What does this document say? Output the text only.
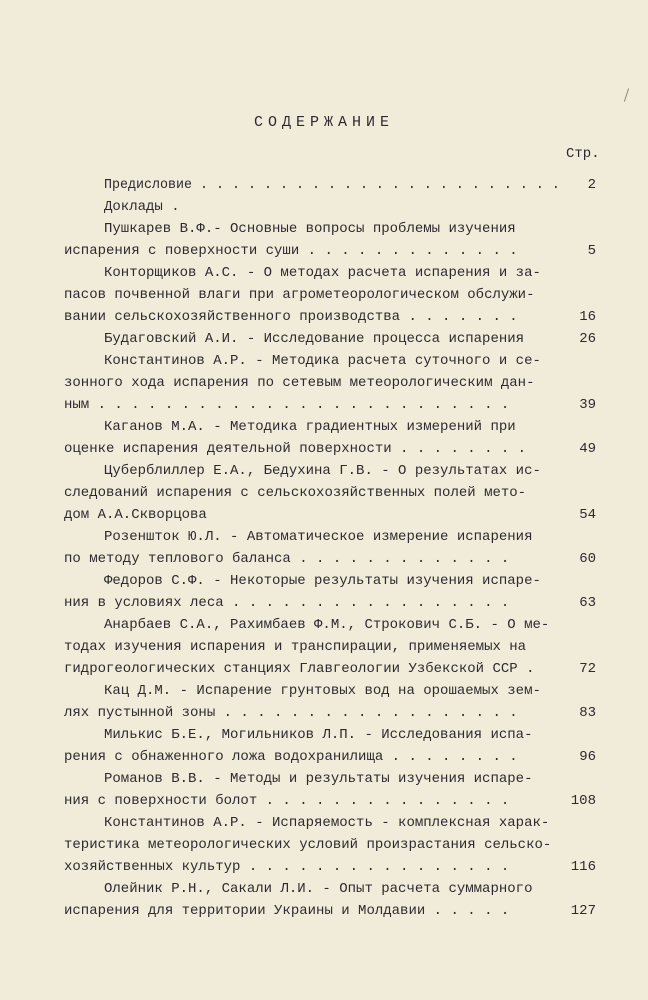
СОДЕРЖАНИЕ
Стр.
Предисловие . . . . . . . . . . . . . . . . . . . . . . . 2
Доклады .
Пушкарев В.Ф.- Основные вопросы проблемы изучения
испарения с поверхности суши . . . . . . . . . . . . .	5
Конторщиков А.С. - О методах расчета испарения и за-
пасов почвенной влаги при агрометеорологическом обслужи-
вании сельскохозяйственного производства . . . . . . .	16
Будаговский А.И. - Исследование процесса испарения	26
Константинов А.Р. - Методика расчета суточного и се-
зонного хода испарения по сетевым метеорологическим дан-
ным . . . . . . . . . . . . . . . . . . . . . . . . .	39
Каганов М.А. - Методика градиентных измерений при
оценке испарения деятельной поверхности . . . . . . . .	49
Цуберблиллер Е.А., Бедухина Г.В. - О результатах ис-
следований испарения с сельскохозяйственных полей мето-
дом А.А.Скворцова	54
Розеншток Ю.Л. - Автоматическое измерение испарения
по методу теплового баланса . . . . . . . . . . . . .	60
Федоров С.Ф. - Некоторые результаты изучения испаре-
ния в условиях леса . . . . . . . . . . . . . . . . .	63
Анарбаев С.А., Рахимбаев Ф.М., Строкович С.Б. - О ме-
тодах изучения испарения и транспирации, применяемых на
гидрогеологических станциях Главгеологии Узбекской ССР .	72
Кац Д.М. - Испарение грунтовых вод на орошаемых зем-
лях пустынной зоны . . . . . . . . . . . . . . . . . .	83
Милькис Б.Е., Могильников Л.П. - Исследования испа-
рения с обнаженного ложа водохранилища . . . . . . . .	96
Романов В.В. - Методы и результаты изучения испаре-
ния с поверхности болот . . . . . . . . . . . . . . .	108
Константинов А.Р. - Испаряемость - комплексная харак-
теристика метеорологических условий произрастания сельско-
хозяйственных культур . . . . . . . . . . . . . . . .	116
Олейник Р.Н., Сакали Л.И. - Опыт расчета суммарного
испарения для территории Украины и Молдавии . . . . .	127
